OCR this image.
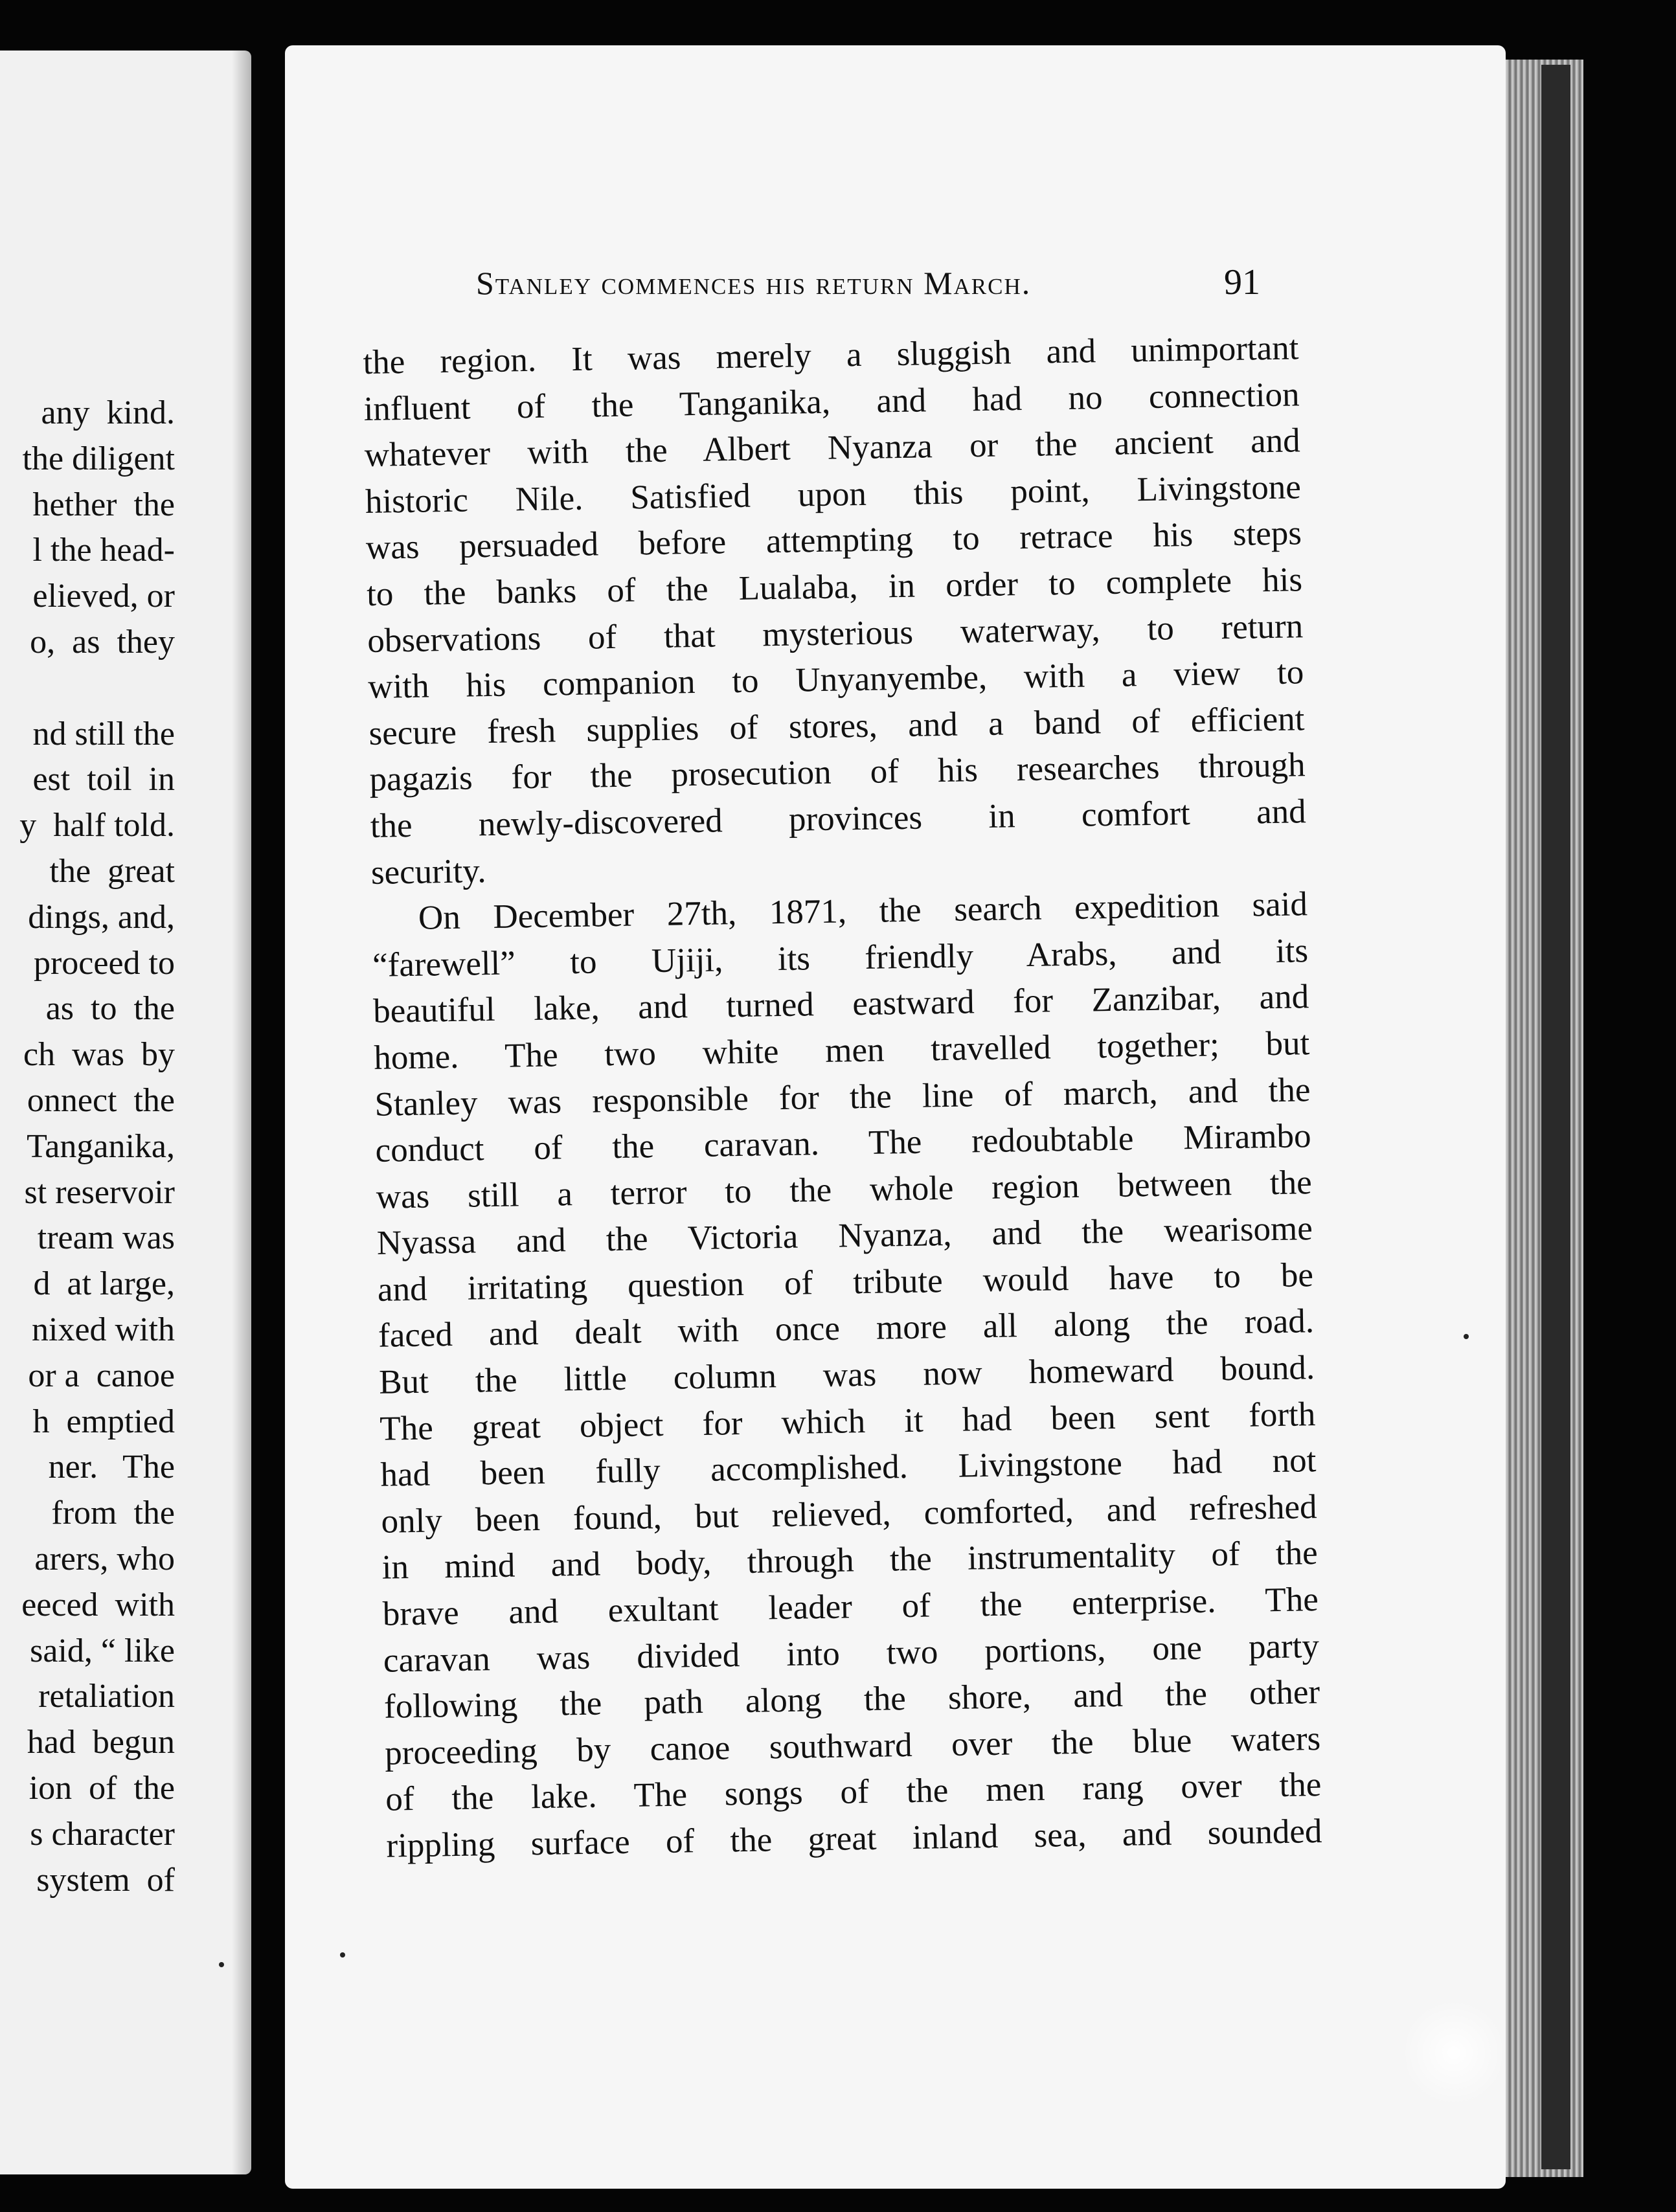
any  kind.
the diligent
hether  the
l the head-
elieved, or
o,  as  they
nd still the
est  toil  in
y  half told.
the  great
dings, and,
proceed to
as  to  the
ch  was  by
onnect  the
Tanganika,
st reservoir
tream was
d  at large,
nixed with
or a  canoe
h  emptied
ner.   The
from  the
arers, who
eeced  with
said, “ like
retaliation
had  begun
ion  of  the
s character
system  of
Stanley commences his return March.	91
the region. It was merely a sluggish and unimportant
influent of the Tanganika, and had no connection
whatever with the Albert Nyanza or the ancient and
historic Nile. Satisfied upon this point, Livingstone
was persuaded before attempting to retrace his steps
to the banks of the Lualaba, in order to complete his
observations of that mysterious waterway, to return
with his companion to Unyanyembe, with a view to
secure fresh supplies of stores, and a band of efficient
pagazis for the prosecution of his researches through
the newly-discovered provinces in comfort and
security.
On December 27th, 1871, the search expedition said
“farewell” to Ujiji, its friendly Arabs, and its
beautiful lake, and turned eastward for Zanzibar, and
home. The two white men travelled together; but
Stanley was responsible for the line of march, and the
conduct of the caravan. The redoubtable Mirambo
was still a terror to the whole region between the
Nyassa and the Victoria Nyanza, and the wearisome
and irritating question of tribute would have to be
faced and dealt with once more all along the road.
But the little column was now homeward bound.
The great object for which it had been sent forth
had been fully accomplished. Livingstone had not
only been found, but relieved, comforted, and refreshed
in mind and body, through the instrumentality of the
brave and exultant leader of the enterprise. The
caravan was divided into two portions, one party
following the path along the shore, and the other
proceeding by canoe southward over the blue waters
of the lake. The songs of the men rang over the
rippling surface of the great inland sea, and sounded
